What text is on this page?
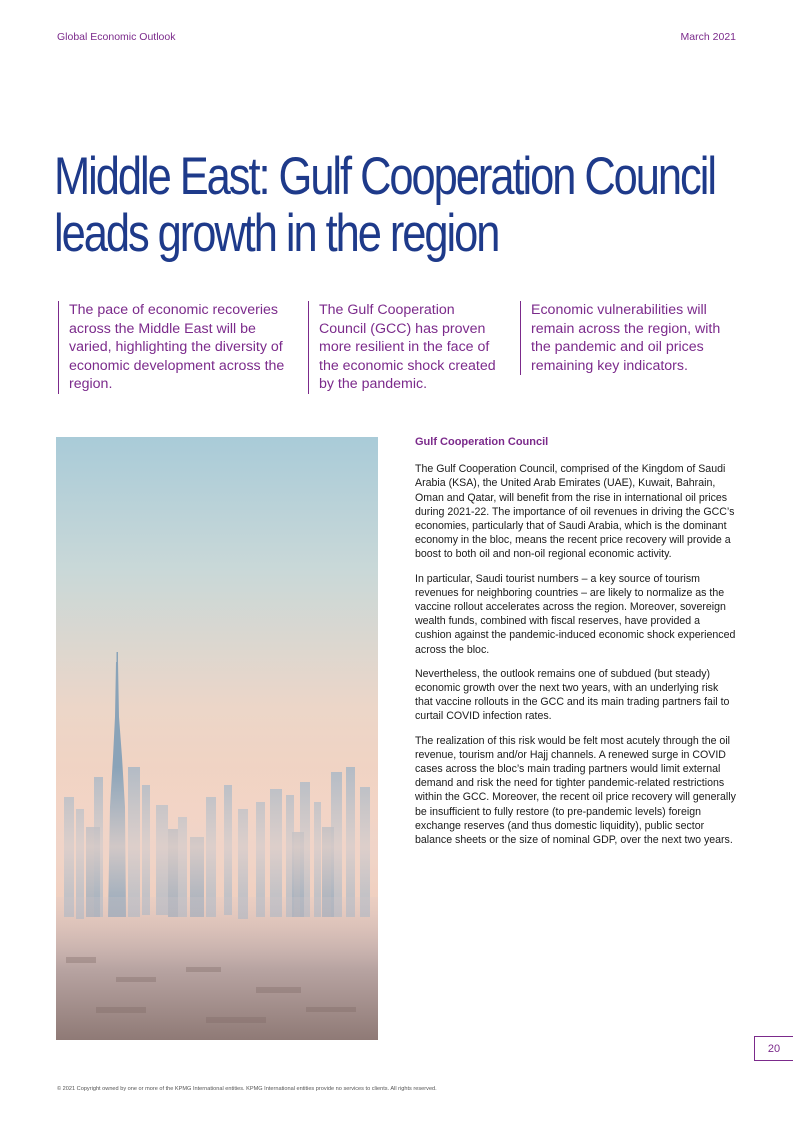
Global Economic Outlook	March 2021
Middle East: Gulf Cooperation Council
leads growth in the region
The pace of economic recoveries across the Middle East will be varied, highlighting the diversity of economic development across the region.
The Gulf Cooperation Council (GCC) has proven more resilient in the face of the economic shock created by the pandemic.
Economic vulnerabilities will remain across the region, with the pandemic and oil prices remaining key indicators.
Gulf Cooperation Council

The Gulf Cooperation Council, comprised of the Kingdom of Saudi Arabia (KSA), the United Arab Emirates (UAE), Kuwait, Bahrain, Oman and Qatar, will benefit from the rise in international oil prices during 2021-22. The importance of oil revenues in driving the GCC’s economies, particularly that of Saudi Arabia, which is the dominant economy in the bloc, means the recent price recovery will provide a boost to both oil and non-oil regional economic activity.

In particular, Saudi tourist numbers – a key source of tourism revenues for neighboring countries – are likely to normalize as the vaccine rollout accelerates across the region. Moreover, sovereign wealth funds, combined with fiscal reserves, have provided a cushion against the pandemic-induced economic shock experienced across the bloc.

Nevertheless, the outlook remains one of subdued (but steady) economic growth over the next two years, with an underlying risk that vaccine rollouts in the GCC and its main trading partners fail to curtail COVID infection rates.

The realization of this risk would be felt most acutely through the oil revenue, tourism and/or Hajj channels. A renewed surge in COVID cases across the bloc’s main trading partners would limit external demand and risk the need for tighter pandemic-related restrictions within the GCC. Moreover, the recent oil price recovery will generally be insufficient to fully restore (to pre-pandemic levels) foreign exchange reserves (and thus domestic liquidity), public sector balance sheets or the size of nominal GDP, over the next two years.

20
© 2021 Copyright owned by one or more of the KPMG International entities. KPMG International entities provide no services to clients. All rights reserved.
